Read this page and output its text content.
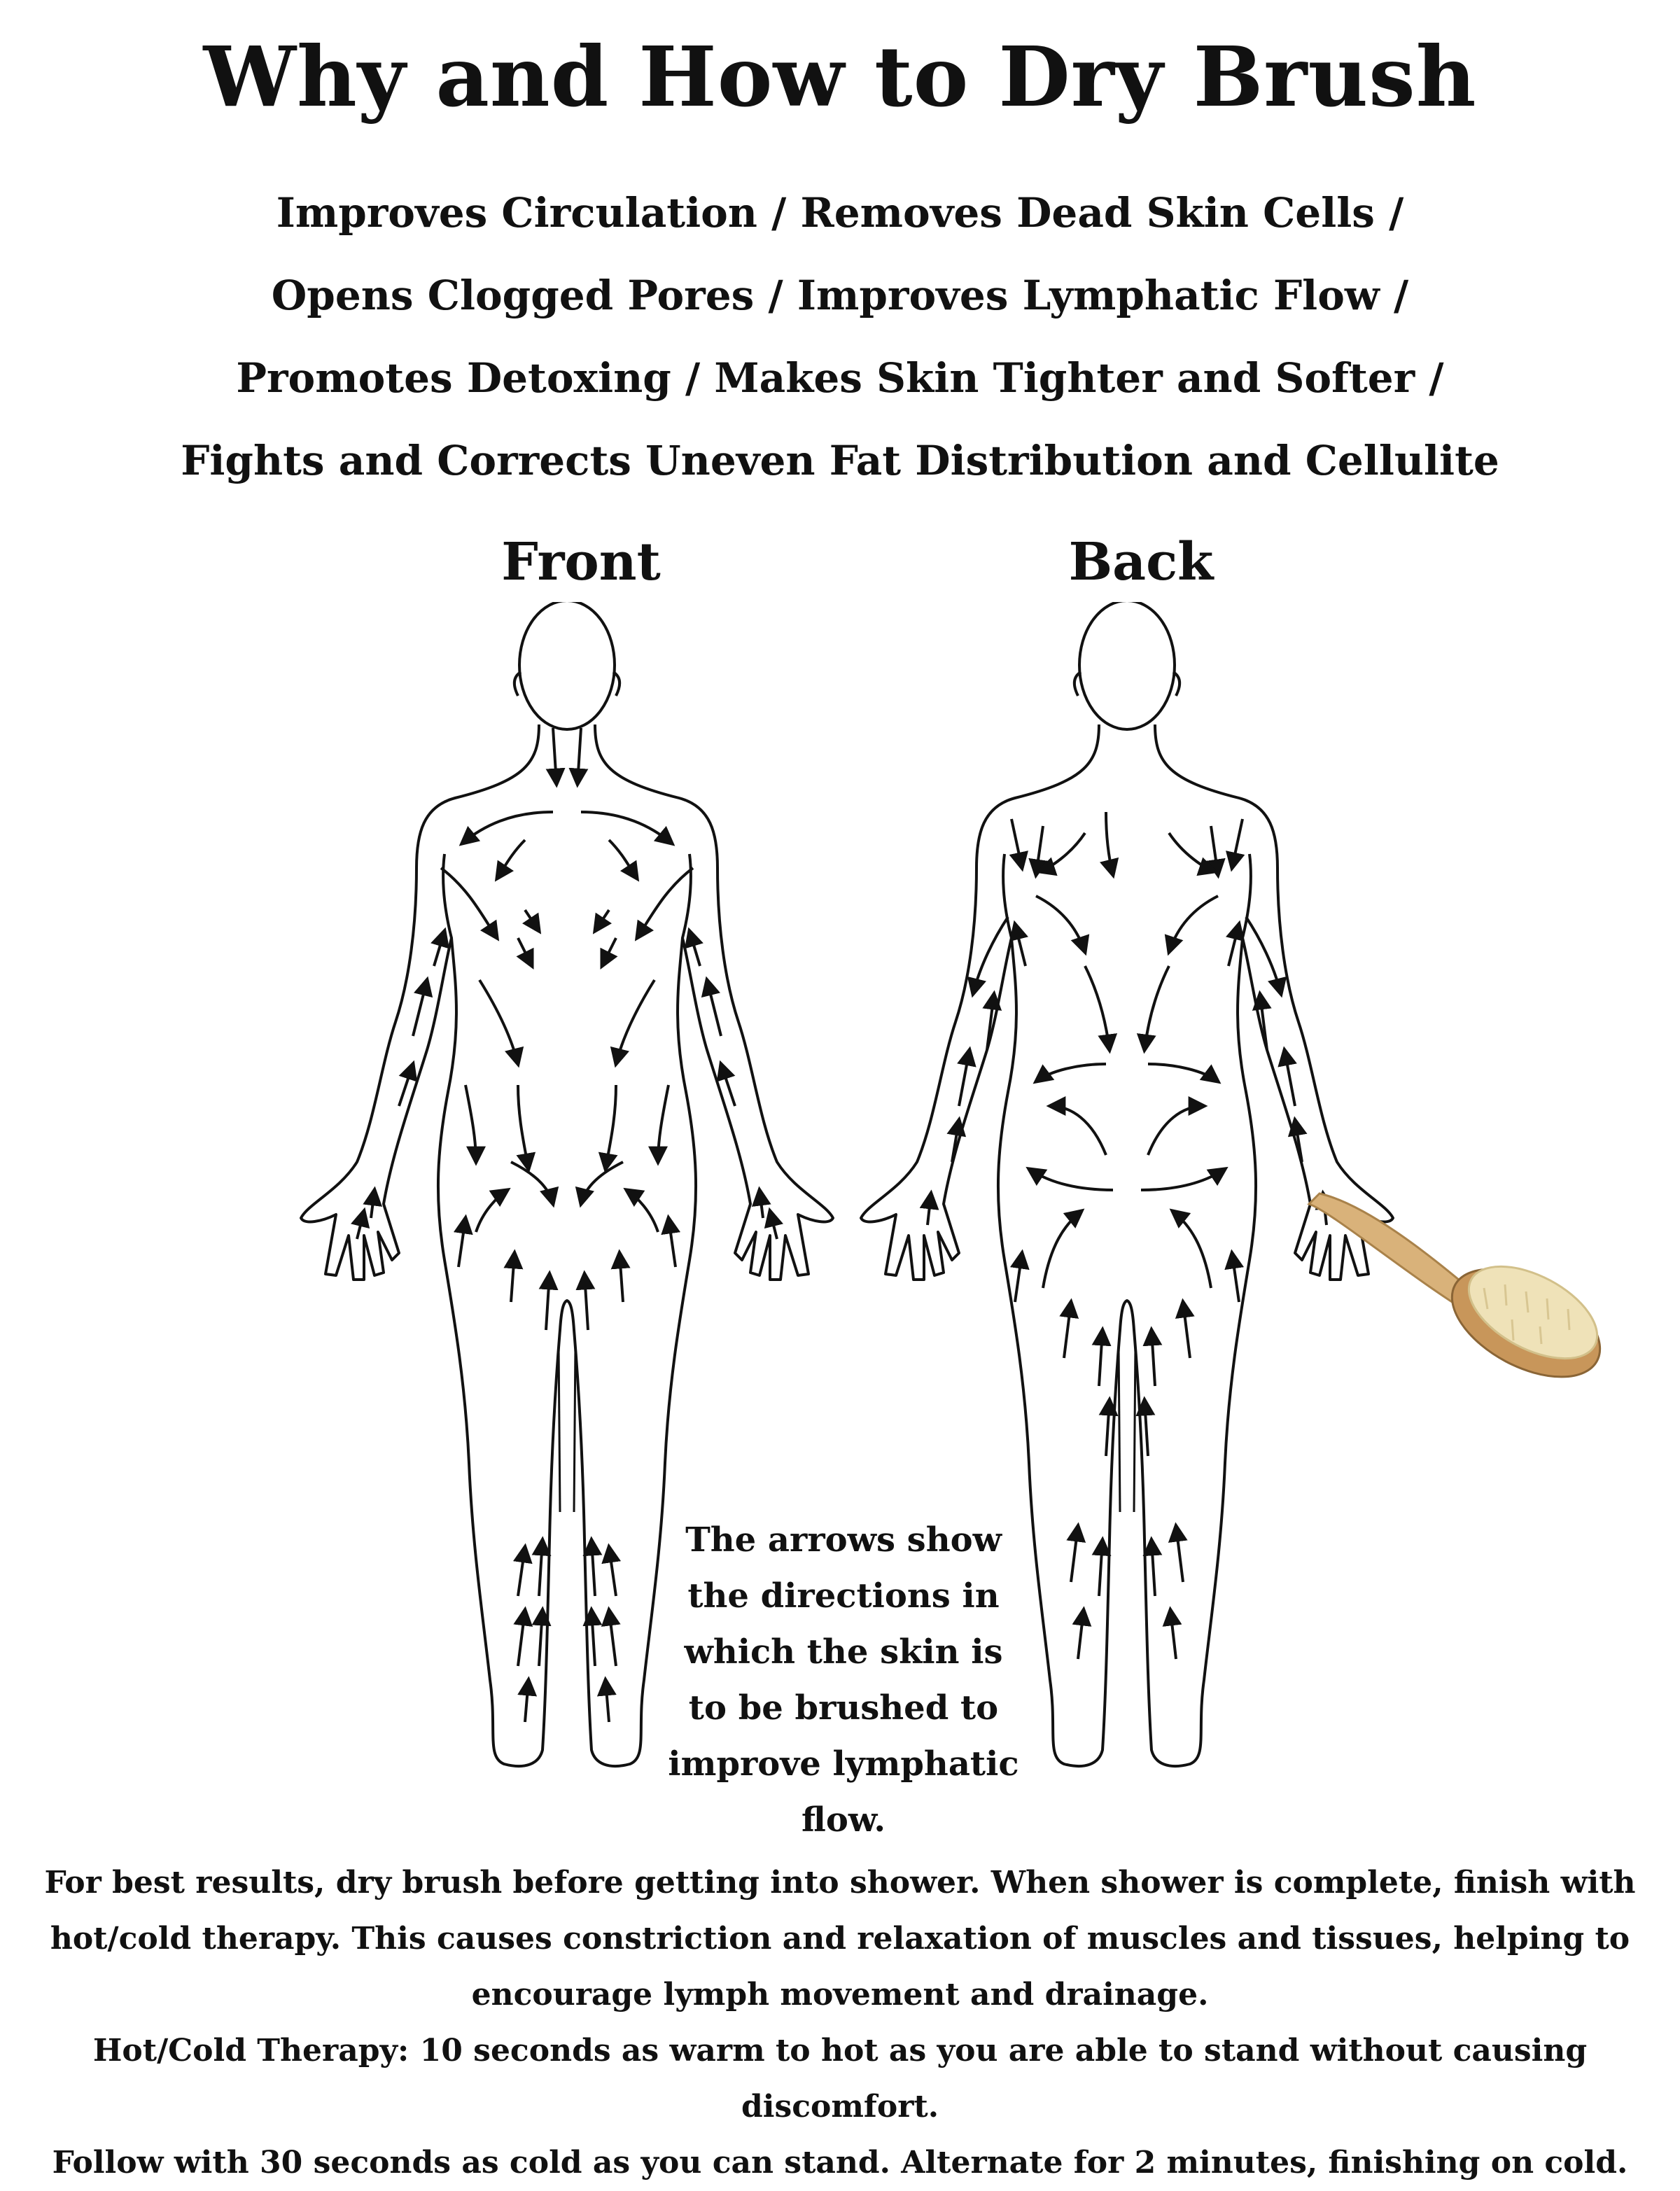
Why and How to Dry Brush
Improves Circulation / Removes Dead Skin Cells /
Opens Clogged Pores / Improves Lymphatic Flow /
Promotes Detoxing / Makes Skin Tighter and Softer /
Fights and Corrects Uneven Fat Distribution and Cellulite
Front	Back
The arrows show
the directions in
which the skin is
to be brushed to
improve lymphatic
flow.
For best results, dry brush before getting into shower. When shower is complete, finish with
hot/cold therapy. This causes constriction and relaxation of muscles and tissues, helping to
encourage lymph movement and drainage.
Hot/Cold Therapy: 10 seconds as warm to hot as you are able to stand without causing discomfort.
Follow with 30 seconds as cold as you can stand. Alternate for 2 minutes, finishing on cold.
